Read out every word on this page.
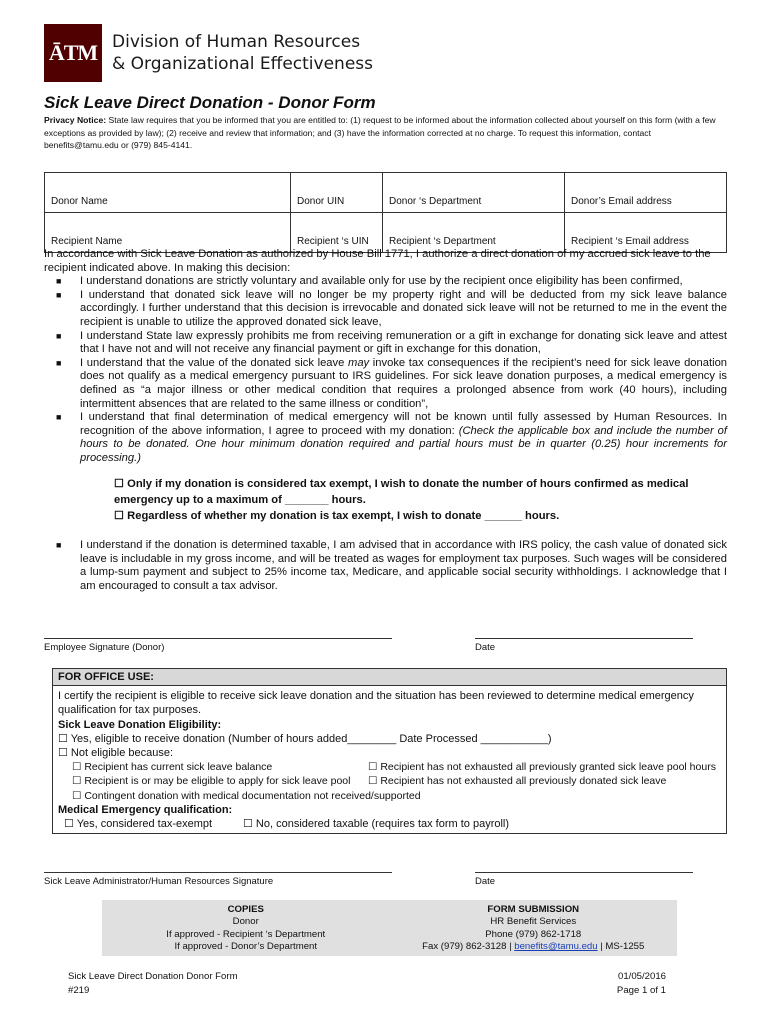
ĀTM Division of Human Resources
& Organizational Effectiveness
Sick Leave Direct Donation - Donor Form
Privacy Notice: State law requires that you be informed that you are entitled to: (1) request to be informed about the information collected about yourself on this form (with a few exceptions as provided by law); (2) receive and review that information; and (3) have the information corrected at no charge. To request this information, contact benefits@tamu.edu or (979) 845-4141.
Donor Name	Donor UIN	Donor ‘s Department	Donor’s Email address
Recipient Name	Recipient ‘s UIN	Recipient ‘s Department	Recipient ‘s Email address
In accordance with Sick Leave Donation as authorized by House Bill 1771, I authorize a direct donation of my accrued sick leave to the recipient indicated above. In making this decision:
■ I understand donations are strictly voluntary and available only for use by the recipient once eligibility has been confirmed,
■ I understand that donated sick leave will no longer be my property right and will be deducted from my sick leave balance accordingly. I further understand that this decision is irrevocable and donated sick leave will not be returned to me in the event the recipient is unable to utilize the approved donated sick leave,
■ I understand State law expressly prohibits me from receiving remuneration or a gift in exchange for donating sick leave and attest that I have not and will not receive any financial payment or gift in exchange for this donation,
■ I understand that the value of the donated sick leave may invoke tax consequences if the recipient’s need for sick leave donation does not qualify as a medical emergency pursuant to IRS guidelines. For sick leave donation purposes, a medical emergency is defined as “a major illness or other medical condition that requires a prolonged absence from work (40 hours), including intermittent absences that are related to the same illness or condition”,
■ I understand that final determination of medical emergency will not be known until fully assessed by Human Resources. In recognition of the above information, I agree to proceed with my donation: (Check the applicable box and include the number of hours to be donated. One hour minimum donation required and partial hours must be in quarter (0.25) hour increments for processing.)
☐ Only if my donation is considered tax exempt, I wish to donate the number of hours confirmed as medical emergency up to a maximum of _______ hours.
☐ Regardless of whether my donation is tax exempt, I wish to donate ______ hours.
■ I understand if the donation is determined taxable, I am advised that in accordance with IRS policy, the cash value of donated sick leave is includable in my gross income, and will be treated as wages for employment tax purposes. Such wages will be considered a lump-sum payment and subject to 25% income tax, Medicare, and applicable social security withholdings. I acknowledge that I am encouraged to consult a tax advisor.
Employee Signature (Donor)	Date
FOR OFFICE USE:
I certify the recipient is eligible to receive sick leave donation and the situation has been reviewed to determine medical emergency qualification for tax purposes.
Sick Leave Donation Eligibility:
☐ Yes, eligible to receive donation (Number of hours added________ Date Processed ___________)
☐ Not eligible because:
☐ Recipient has current sick leave balance	☐ Recipient has not exhausted all previously granted sick leave pool hours
☐ Recipient is or may be eligible to apply for sick leave pool	☐ Recipient has not exhausted all previously donated sick leave
☐ Contingent donation with medical documentation not received/supported
Medical Emergency qualification:
☐ Yes, considered tax-exempt	☐ No, considered taxable (requires tax form to payroll)
Sick Leave Administrator/Human Resources Signature	Date
COPIES
Donor
If approved - Recipient ‘s Department
If approved - Donor’s Department
FORM SUBMISSION
HR Benefit Services
Phone (979) 862-1718
Fax (979) 862-3128 | benefits@tamu.edu | MS-1255
Sick Leave Direct Donation Donor Form
#219
01/05/2016
Page 1 of 1
